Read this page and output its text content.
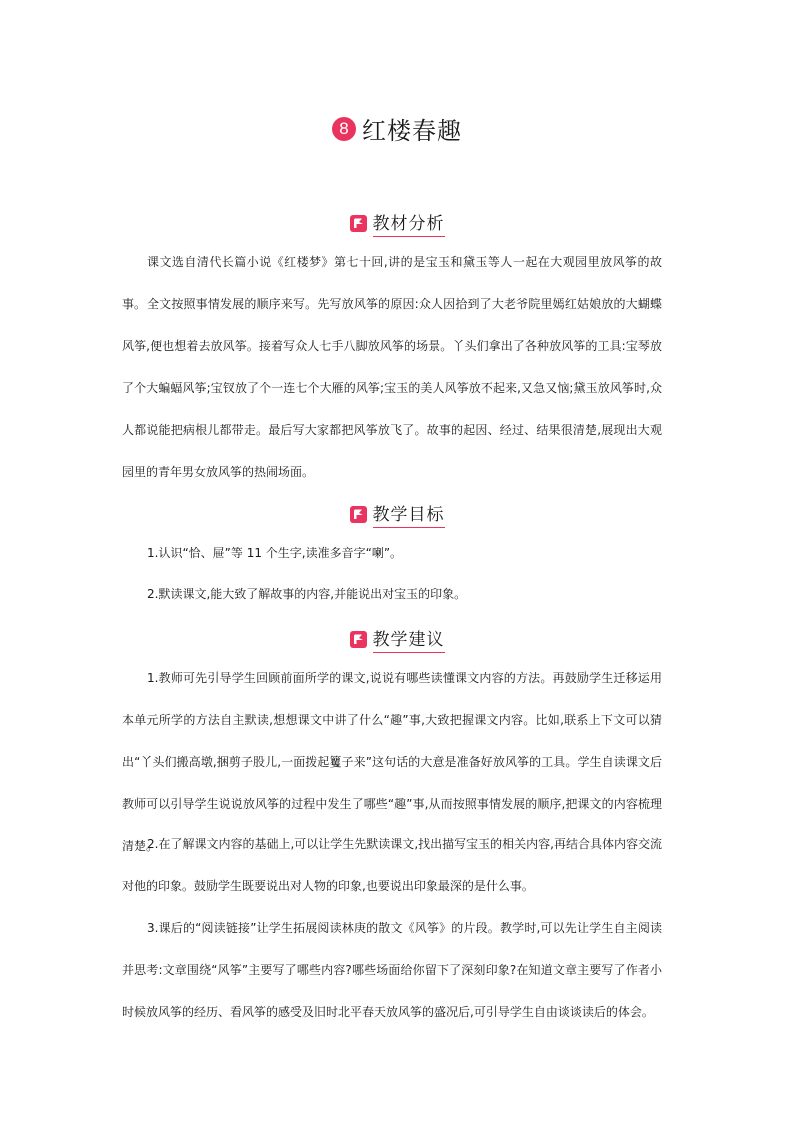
8 红楼春趣
教材分析

课文选自清代长篇小说《红楼梦》第七十回,讲的是宝玉和黛玉等人一起在大观园里放风筝的故事。 全文按照事情发展的顺序来写。先写放风筝的原因:众人因拾到了大老爷院里嫣红姑娘放的大蝴蝶风筝,便也想着去放风筝。接着写众人七手八脚放风筝的场景。丫头们拿出了各种放风筝的工具:宝琴放了个大蝙蝠风筝;宝钗放了个一连七个大雁的风筝;宝玉的美人风筝放不起来,又急又恼;黛玉放风筝时,众人都说能把病根儿都带走。最后写大家都把风筝放飞了。故事的起因、经过、结果很清楚,展现出大观园里的青年男女放风筝的热闹场面。

教学目标

1.认识“恰、屉”等 11 个生字,读准多音字“喇”。

2.默读课文,能大致了解故事的内容,并能说出对宝玉的印象。

教学建议

1.教师可先引导学生回顾前面所学的课文,说说有哪些读懂课文内容的方法。再鼓励学生迁移运用本单元所学的方法自主默读,想想课文中讲了什么“趣”事,大致把握课文内容。比如,联系上下文可以猜出“丫头们搬高墩,捆剪子股儿,一面拨起籰子来”这句话的大意是准备好放风筝的工具。学生自读课文后教师可以引导学生说说放风筝的过程中发生了哪些“趣”事,从而按照事情发展的顺序,把课文的内容梳理清楚。

2.在了解课文内容的基础上,可以让学生先默读课文,找出描写宝玉的相关内容,再结合具体内容交流对他的印象。鼓励学生既要说出对人物的印象,也要说出印象最深的是什么事。

3.课后的“阅读链接”让学生拓展阅读林庚的散文《风筝》的片段。教学时,可以先让学生自主阅读并思考:文章围绕“风筝”主要写了哪些内容?哪些场面给你留下了深刻印象?在知道文章主要写了作者小时候放风筝的经历、看风筝的感受及旧时北平春天放风筝的盛况后,可引导学生自由谈谈读后的体会。
